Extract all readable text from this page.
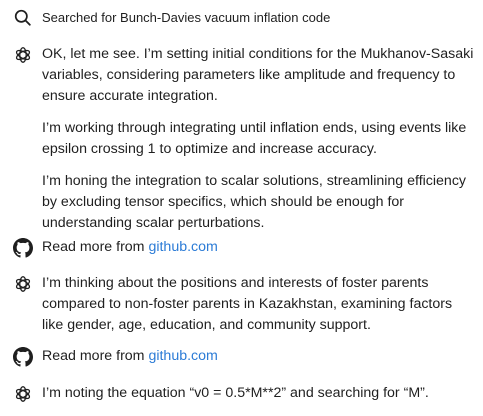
Searched for Bunch-Davies vacuum inflation code

OK, let me see. I’m setting initial conditions for the Mukhanov-Sasaki variables, considering parameters like amplitude and frequency to ensure accurate integration.

I’m working through integrating until inflation ends, using events like epsilon crossing 1 to optimize and increase accuracy.

I’m honing the integration to scalar solutions, streamlining efficiency by excluding tensor specifics, which should be enough for understanding scalar perturbations.

Read more from github.com

I’m thinking about the positions and interests of foster parents compared to non-foster parents in Kazakhstan, examining factors like gender, age, education, and community support.

Read more from github.com

I’m noting the equation “v0 = 0.5*M**2” and searching for “M”.
